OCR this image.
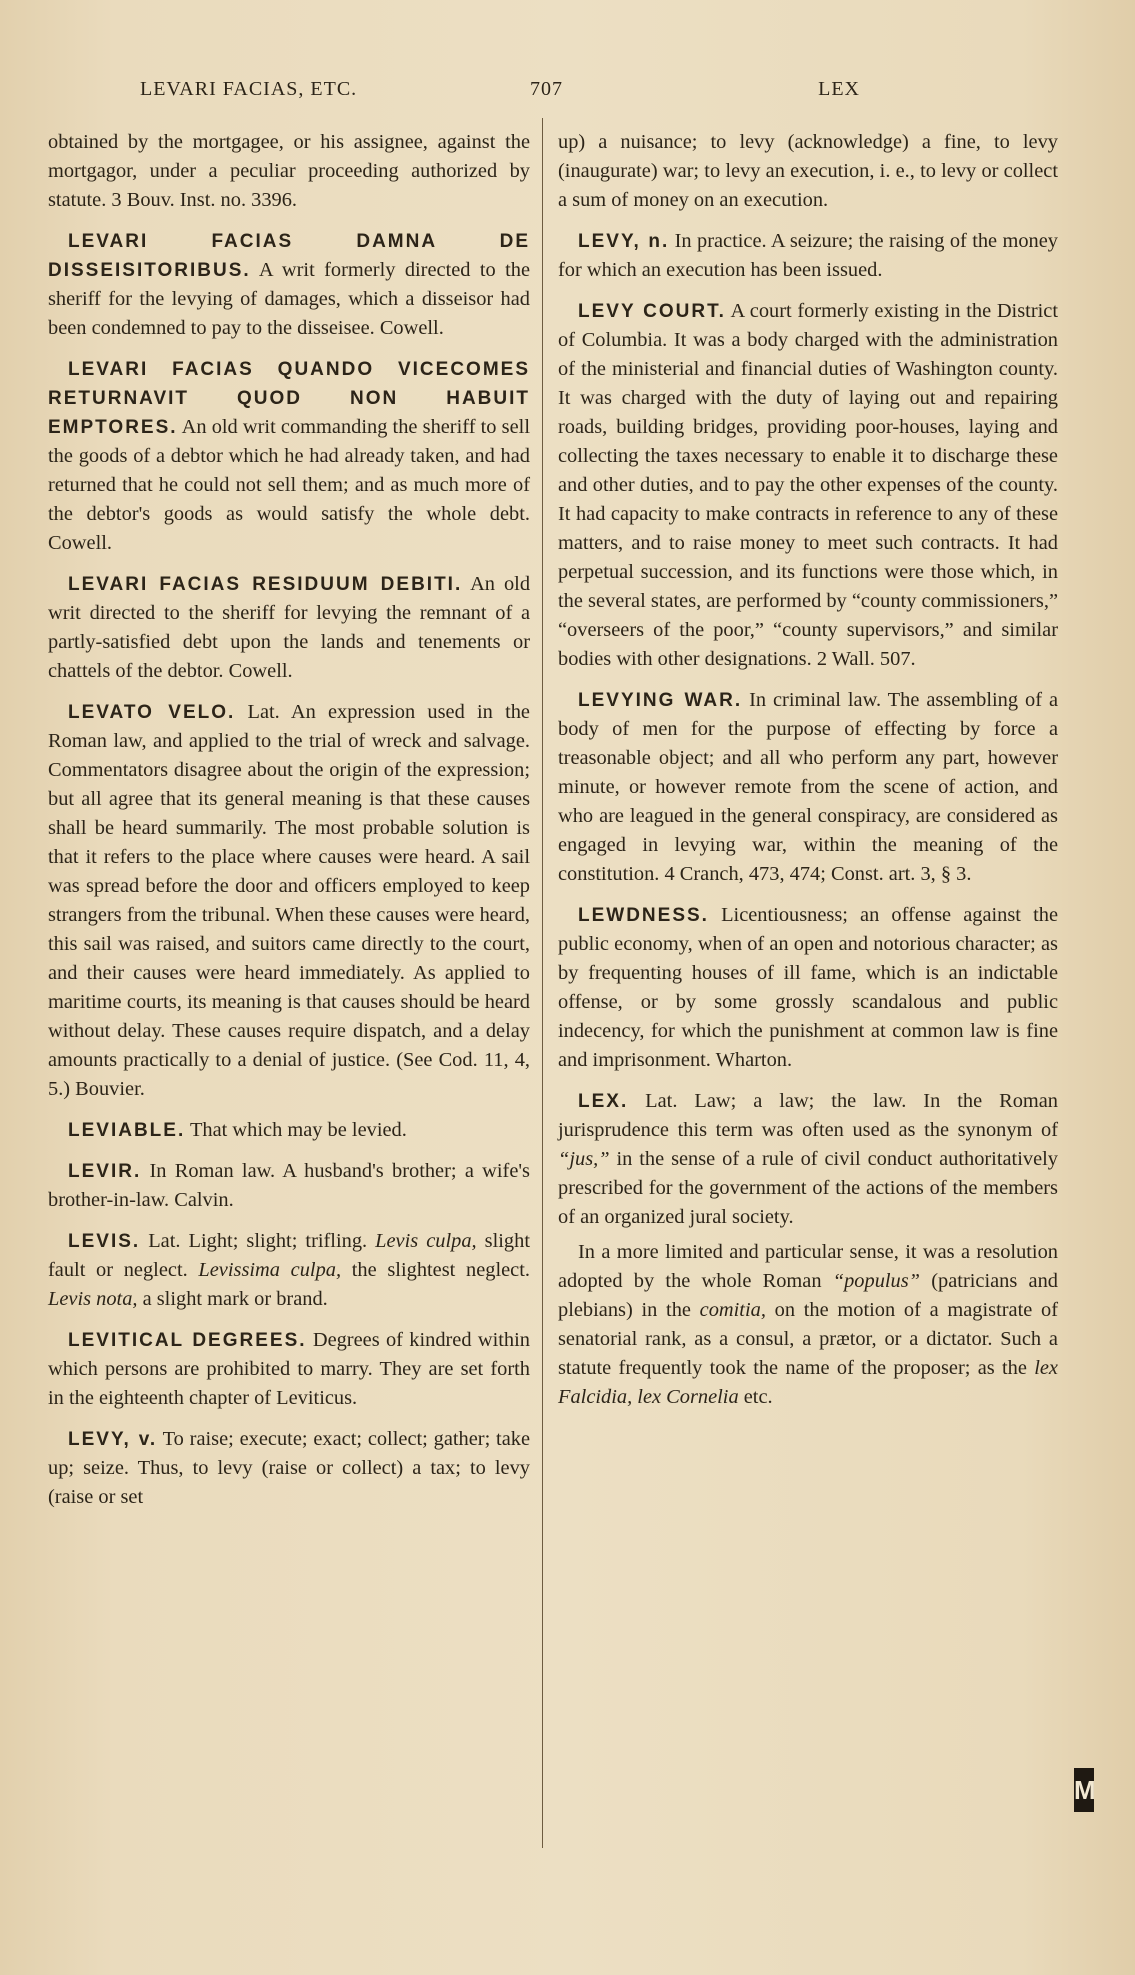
LEVARI FACIAS, ETC.	707	LEX

obtained by the mortgagee, or his assignee, against the mortgagor, under a peculiar proceeding authorized by statute. 3 Bouv. Inst. no. 3396.

LEVARI FACIAS DAMNA DE DISSEISITORIBUS. A writ formerly directed to the sheriff for the levying of damages, which a disseisor had been condemned to pay to the disseisee. Cowell.

LEVARI FACIAS QUANDO VICECOMES RETURNAVIT QUOD NON HABUIT EMPTORES. An old writ commanding the sheriff to sell the goods of a debtor which he had already taken, and had returned that he could not sell them; and as much more of the debtor's goods as would satisfy the whole debt. Cowell.

LEVARI FACIAS RESIDUUM DEBITI. An old writ directed to the sheriff for levying the remnant of a partly-satisfied debt upon the lands and tenements or chattels of the debtor. Cowell.

LEVATO VELO. Lat. An expression used in the Roman law, and applied to the trial of wreck and salvage. Commentators disagree about the origin of the expression; but all agree that its general meaning is that these causes shall be heard summarily. The most probable solution is that it refers to the place where causes were heard. A sail was spread before the door and officers employed to keep strangers from the tribunal. When these causes were heard, this sail was raised, and suitors came directly to the court, and their causes were heard immediately. As applied to maritime courts, its meaning is that causes should be heard without delay. These causes require dispatch, and a delay amounts practically to a denial of justice. (See Cod. 11, 4, 5.) Bouvier.

LEVIABLE. That which may be levied.

LEVIR. In Roman law. A husband's brother; a wife's brother-in-law. Calvin.

LEVIS. Lat. Light; slight; trifling. Levis culpa, slight fault or neglect. Levissima culpa, the slightest neglect. Levis nota, a slight mark or brand.

LEVITICAL DEGREES. Degrees of kindred within which persons are prohibited to marry. They are set forth in the eighteenth chapter of Leviticus.

LEVY, v. To raise; execute; exact; collect; gather; take up; seize. Thus, to levy (raise or collect) a tax; to levy (raise or set

up) a nuisance; to levy (acknowledge) a fine, to levy (inaugurate) war; to levy an execution, i. e., to levy or collect a sum of money on an execution.

LEVY, n. In practice. A seizure; the raising of the money for which an execution has been issued.

LEVY COURT. A court formerly existing in the District of Columbia. It was a body charged with the administration of the ministerial and financial duties of Washington county. It was charged with the duty of laying out and repairing roads, building bridges, providing poor-houses, laying and collecting the taxes necessary to enable it to discharge these and other duties, and to pay the other expenses of the county. It had capacity to make contracts in reference to any of these matters, and to raise money to meet such contracts. It had perpetual succession, and its functions were those which, in the several states, are performed by “county commissioners,” “overseers of the poor,” “county supervisors,” and similar bodies with other designations. 2 Wall. 507.

LEVYING WAR. In criminal law. The assembling of a body of men for the purpose of effecting by force a treasonable object; and all who perform any part, however minute, or however remote from the scene of action, and who are leagued in the general conspiracy, are considered as engaged in levying war, within the meaning of the constitution. 4 Cranch, 473, 474; Const. art. 3, § 3.

LEWDNESS. Licentiousness; an offense against the public economy, when of an open and notorious character; as by frequenting houses of ill fame, which is an indictable offense, or by some grossly scandalous and public indecency, for which the punishment at common law is fine and imprisonment. Wharton.

LEX. Lat. Law; a law; the law. In the Roman jurisprudence this term was often used as the synonym of “jus,” in the sense of a rule of civil conduct authoritatively prescribed for the government of the actions of the members of an organized jural society.

In a more limited and particular sense, it was a resolution adopted by the whole Roman “populus” (patricians and plebians) in the comitia, on the motion of a magistrate of senatorial rank, as a consul, a prætor, or a dictator. Such a statute frequently took the name of the proposer; as the lex Falcidia, lex Cornelia etc.

M
